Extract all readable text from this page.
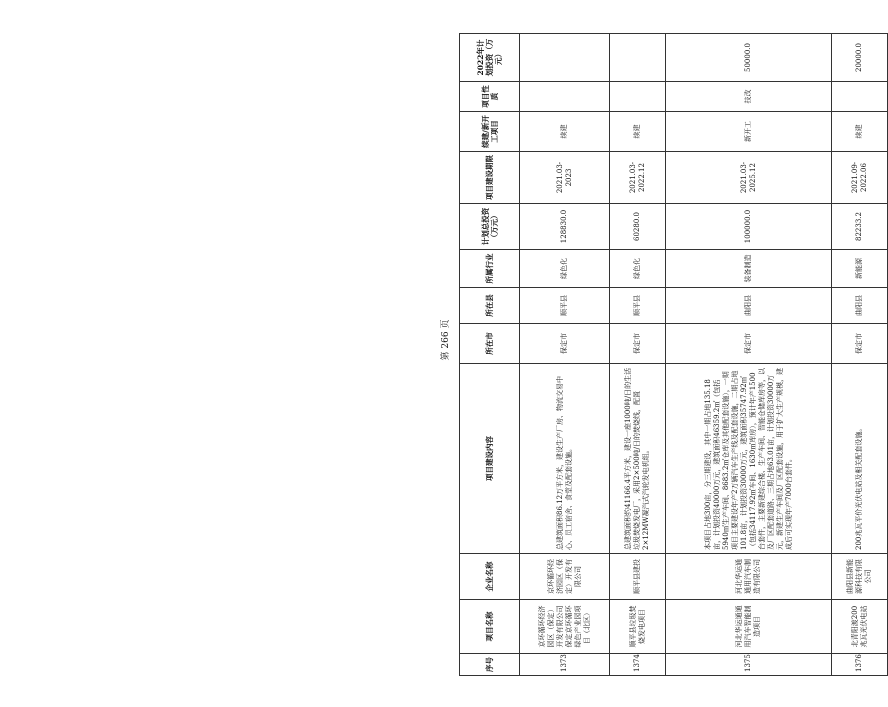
序号	项目名称	企业名称	项目建设内容	所在市	所在县	所属行业	计划总投资（万元）	项目建设期限	续建/新开工项目	项目性质	2022年计划投资（万元）
1373	京环循环经济园区（保定）开发有限公司保定京环循环绿色产业园项目（北区）	京环循环经济园区（保定）开发有限公司	总建筑面积86.12万平方米，建设生产厂房、物流交易中心、员工宿舍、食堂及配套设施。	保定市	顺平县	绿色化	128830.0	2021.03-2023	续建		
1374	顺平县垃圾焚烧发电项目	顺平县建投	总建筑面积约41166.4平方米，建设一座1000吨/日的生活垃圾焚烧发电厂，采用2×500吨/日的焚烧线，配置2×12MW凝汽式汽轮发电机组。	保定市	顺平县	绿色化	60280.0	2021.03-2022.12	续建		
1375	河北华运通通用汽车智能制造项目	河北华运通通用汽车制造有限公司	本项目占地300亩，分三期建设，其中一期占地135.18亩，计划投资40000万元，建筑面积46359.2㎡（包括5940㎡生产车间、8683.2㎡仓库及其他配套设施），一期项目主要建设年产2万辆汽车生产线及配套设施，二期占地101.8亩，计划投资30000万元，建筑面积35747.92㎡（包括34117.92㎡车间、1630㎡库房），预计年产1500台套件，主要新建综合楼、生产车间、智能仓储库房等，以及厂区配套道路、三期占地63.01亩，计划投资30000万元，新建生产车间及厂区配套设施，用于扩大生产规模，建成后可实现年产7000台套件。	保定市	曲阳县	装备制造	100000.0	2021.03-2025.12	新开工	技改	50000.0
1376	北青阳渡200兆瓦光伏电站	曲阳县新能源科技有限公司	200兆瓦平价光伏电站及相关配套设施。	保定市	曲阳县	新能源	82233.2	2021.09-2022.06	续建		20000.0
第 266 页
